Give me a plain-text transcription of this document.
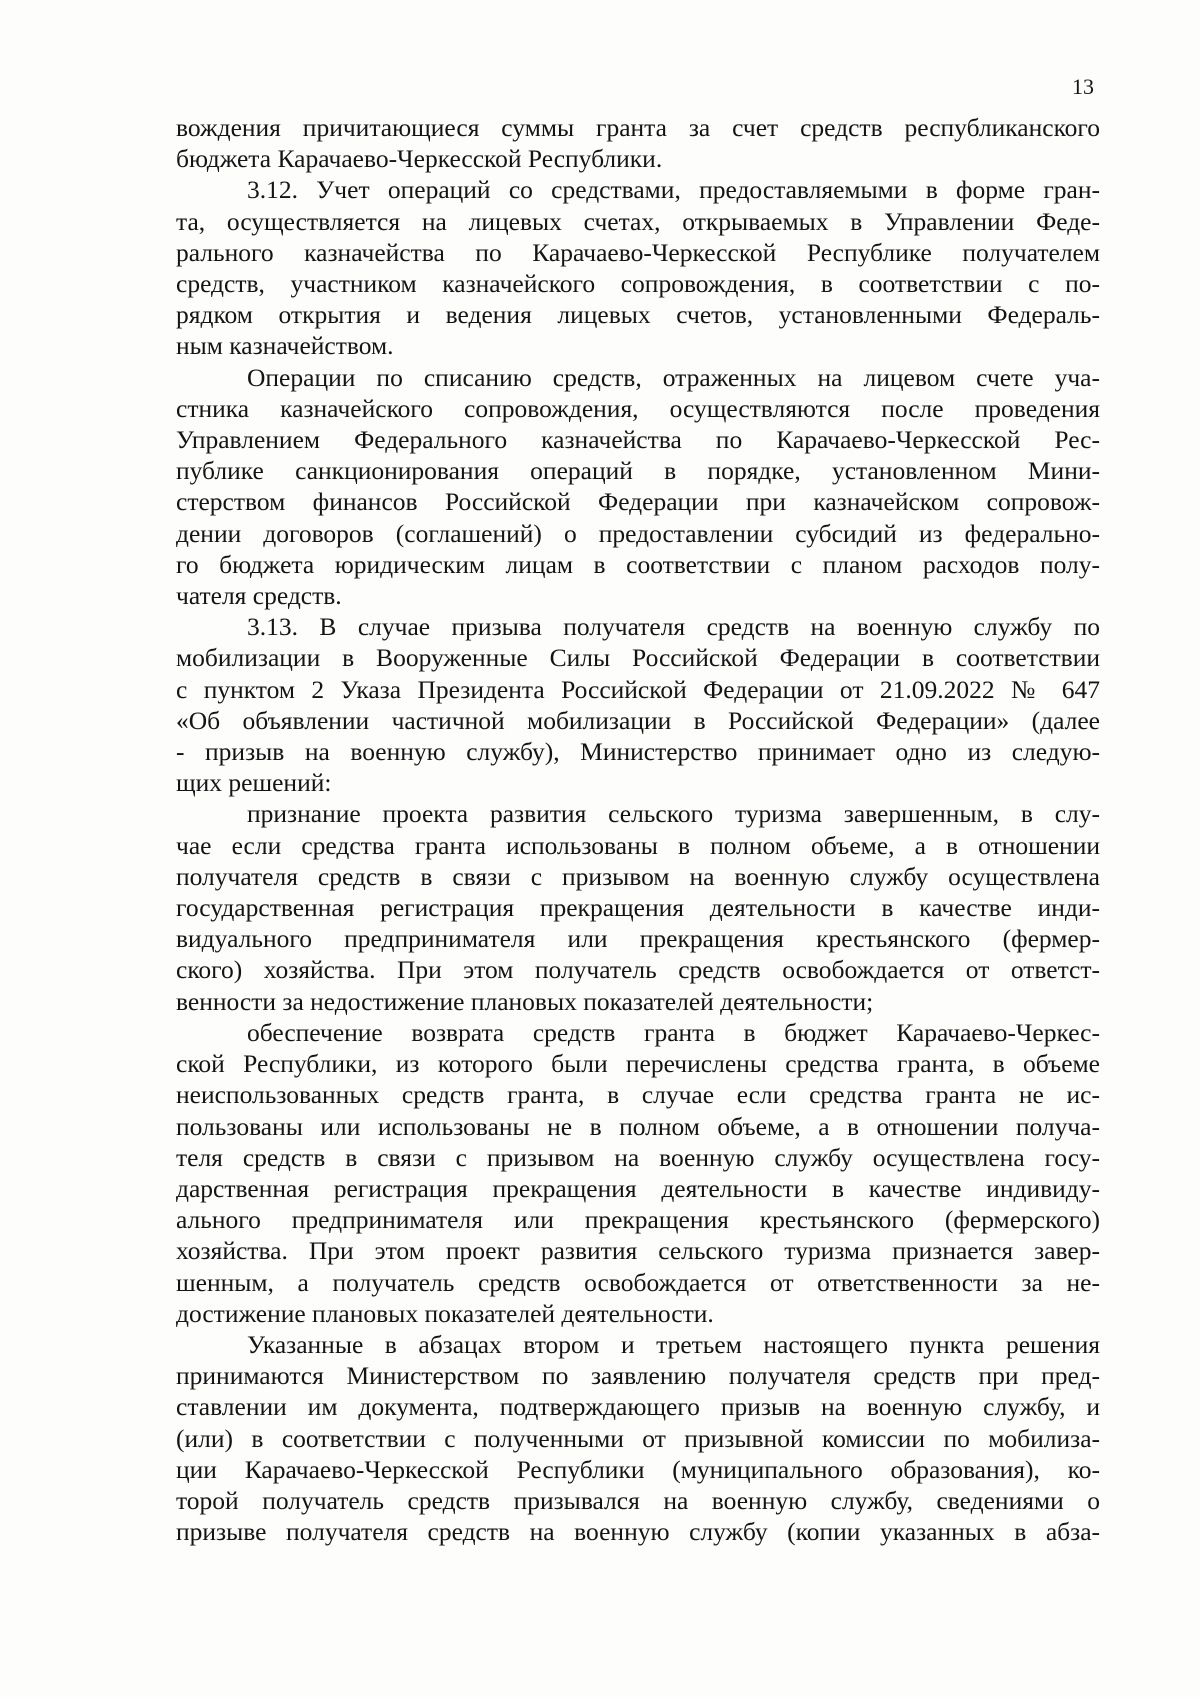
13
вождения причитающиеся суммы гранта за счет средств республиканского
бюджета Карачаево-Черкесской Республики.
3.12. Учет операций со средствами, предоставляемыми в форме гран-
та, осуществляется на лицевых счетах, открываемых в Управлении Феде-
рального казначейства по Карачаево-Черкесской Республике получателем
средств, участником казначейского сопровождения, в соответствии с по-
рядком открытия и ведения лицевых счетов, установленными Федераль-
ным казначейством.
Операции по списанию средств, отраженных на лицевом счете уча-
стника казначейского сопровождения, осуществляются после проведения
Управлением Федерального казначейства по Карачаево-Черкесской Рес-
публике санкционирования операций в порядке, установленном Мини-
стерством финансов Российской Федерации при казначейском сопровож-
дении договоров (соглашений) о предоставлении субсидий из федерально-
го бюджета юридическим лицам в соответствии с планом расходов полу-
чателя средств.
3.13. В случае призыва получателя средств на военную службу по
мобилизации в Вооруженные Силы Российской Федерации в соответствии
с пунктом 2 Указа Президента Российской Федерации от 21.09.2022 № 647
«Об объявлении частичной мобилизации в Российской Федерации» (далее
- призыв на военную службу), Министерство принимает одно из следую-
щих решений:
признание проекта развития сельского туризма завершенным, в слу-
чае если средства гранта использованы в полном объеме, а в отношении
получателя средств в связи с призывом на военную службу осуществлена
государственная регистрация прекращения деятельности в качестве инди-
видуального предпринимателя или прекращения крестьянского (фермер-
ского) хозяйства. При этом получатель средств освобождается от ответст-
венности за недостижение плановых показателей деятельности;
обеспечение возврата средств гранта в бюджет Карачаево-Черкес-
ской Республики, из которого были перечислены средства гранта, в объеме
неиспользованных средств гранта, в случае если средства гранта не ис-
пользованы или использованы не в полном объеме, а в отношении получа-
теля средств в связи с призывом на военную службу осуществлена госу-
дарственная регистрация прекращения деятельности в качестве индивиду-
ального предпринимателя или прекращения крестьянского (фермерского)
хозяйства. При этом проект развития сельского туризма признается завер-
шенным, а получатель средств освобождается от ответственности за не-
достижение плановых показателей деятельности.
Указанные в абзацах втором и третьем настоящего пункта решения
принимаются Министерством по заявлению получателя средств при пред-
ставлении им документа, подтверждающего призыв на военную службу, и
(или) в соответствии с полученными от призывной комиссии по мобилиза-
ции Карачаево-Черкесской Республики (муниципального образования), ко-
торой получатель средств призывался на военную службу, сведениями о
призыве получателя средств на военную службу (копии указанных в абза-
